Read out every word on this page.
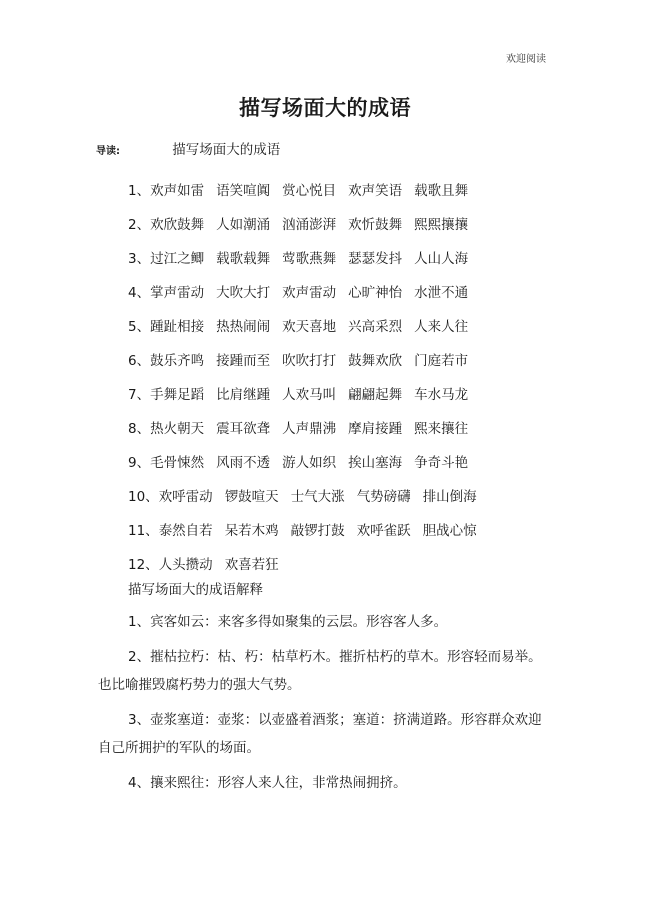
欢迎阅读
描写场面大的成语
导读:	描写场面大的成语
1、 欢声如雷 语笑喧阗 赏心悦目 欢声笑语 载歌且舞
2、 欢欣鼓舞 人如潮涌 汹涌澎湃 欢忻鼓舞 熙熙攘攘
3、 过江之鲫 载歌载舞 莺歌燕舞 瑟瑟发抖 人山人海
4、 掌声雷动 大吹大打 欢声雷动 心旷神怡 水泄不通
5、 踵趾相接 热热闹闹 欢天喜地 兴高采烈 人来人往
6、 鼓乐齐鸣 接踵而至 吹吹打打 鼓舞欢欣 门庭若市
7、 手舞足蹈 比肩继踵 人欢马叫 翩翩起舞 车水马龙
8、 热火朝天 震耳欲聋 人声鼎沸 摩肩接踵 熙来攘往
9、 毛骨悚然 风雨不透 游人如织 挨山塞海 争奇斗艳
10、 欢呼雷动 锣鼓喧天 士气大涨 气势磅礴 排山倒海
11、 泰然自若 呆若木鸡 敲锣打鼓 欢呼雀跃 胆战心惊
12、 人头攒动 欢喜若狂
描写场面大的成语解释

1、宾客如云：来客多得如聚集的云层。形容客人多。

2、摧枯拉朽：枯、朽：枯草朽木。摧折枯朽的草木。形容轻而易举。也比喻摧毁腐朽势力的强大气势。

3、壶浆塞道：壶浆：以壶盛着酒浆；塞道：挤满道路。形容群众欢迎自己所拥护的军队的场面。

4、攘来熙往：形容人来人往，非常热闹拥挤。
